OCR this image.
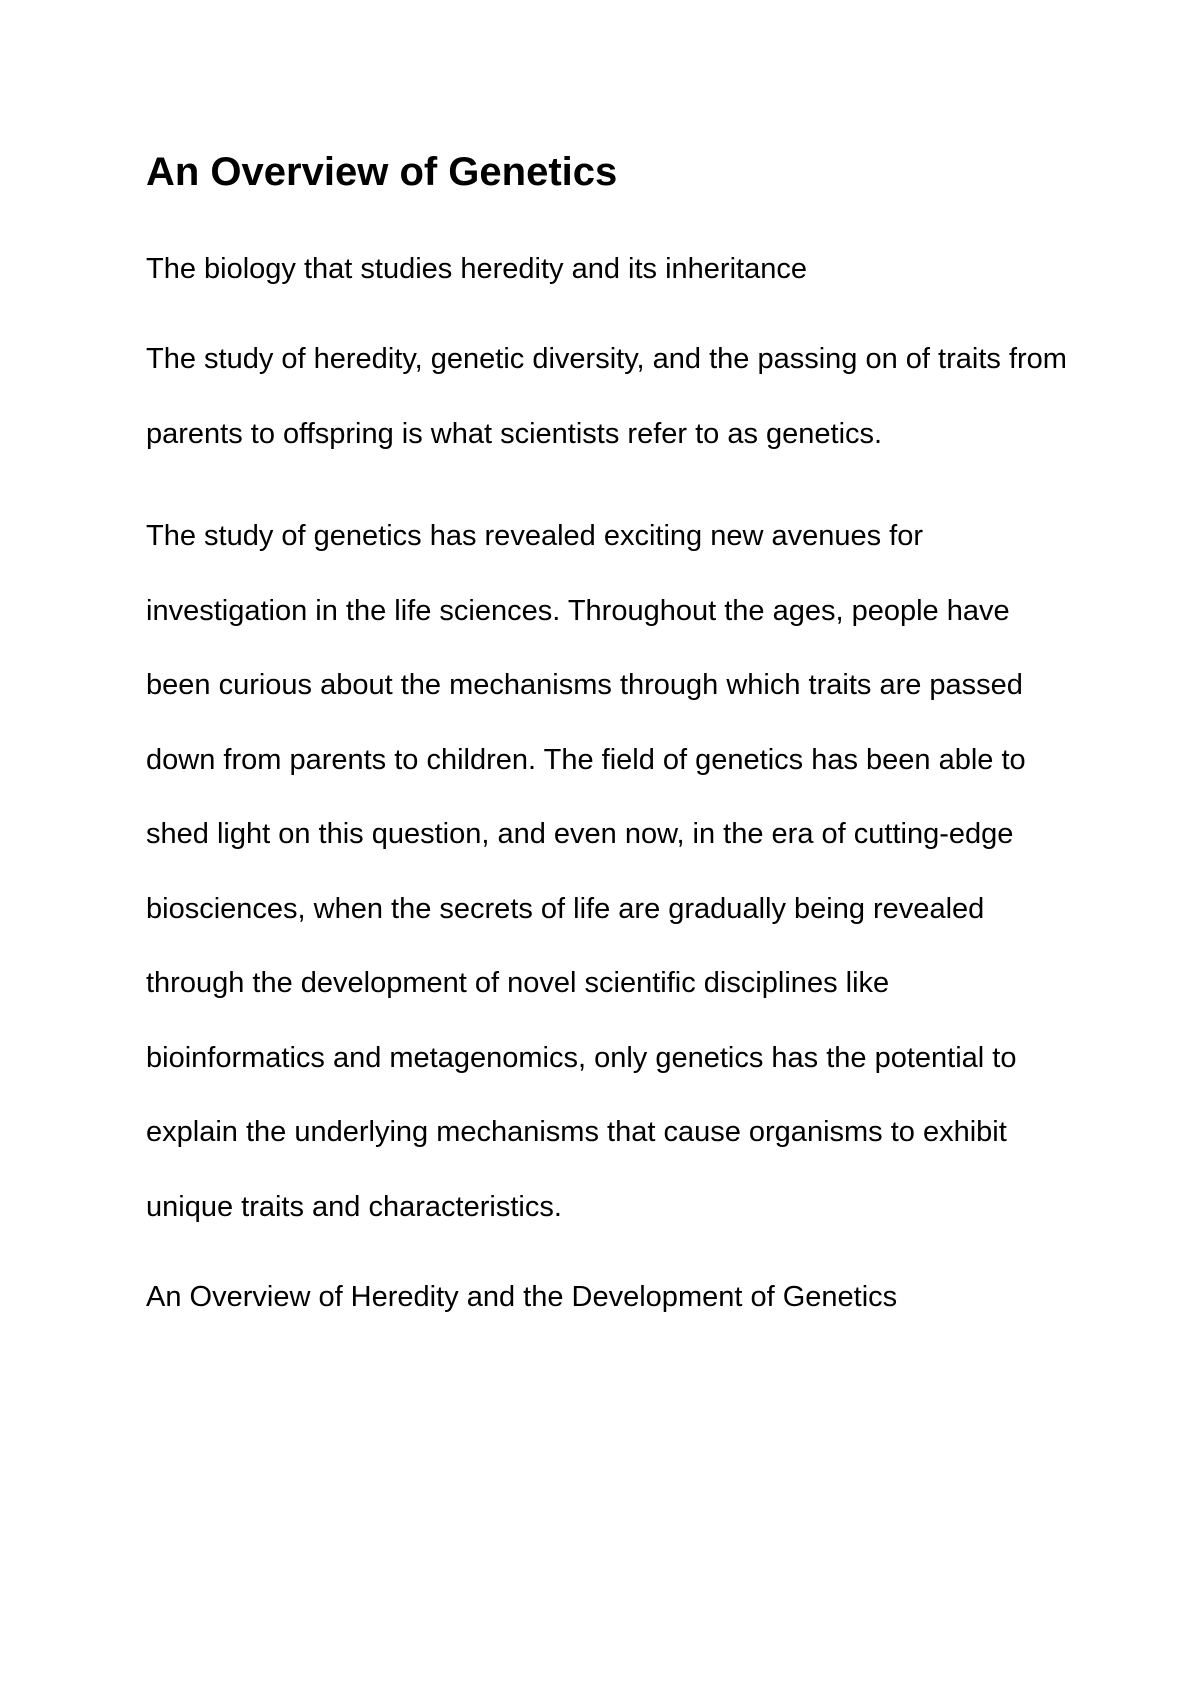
An Overview of Genetics

The biology that studies heredity and its inheritance

The study of heredity, genetic diversity, and the passing on of traits from parents to offspring is what scientists refer to as genetics.

The study of genetics has revealed exciting new avenues for investigation in the life sciences. Throughout the ages, people have been curious about the mechanisms through which traits are passed down from parents to children. The field of genetics has been able to shed light on this question, and even now, in the era of cutting-edge biosciences, when the secrets of life are gradually being revealed through the development of novel scientific disciplines like bioinformatics and metagenomics, only genetics has the potential to explain the underlying mechanisms that cause organisms to exhibit unique traits and characteristics.

An Overview of Heredity and the Development of Genetics
